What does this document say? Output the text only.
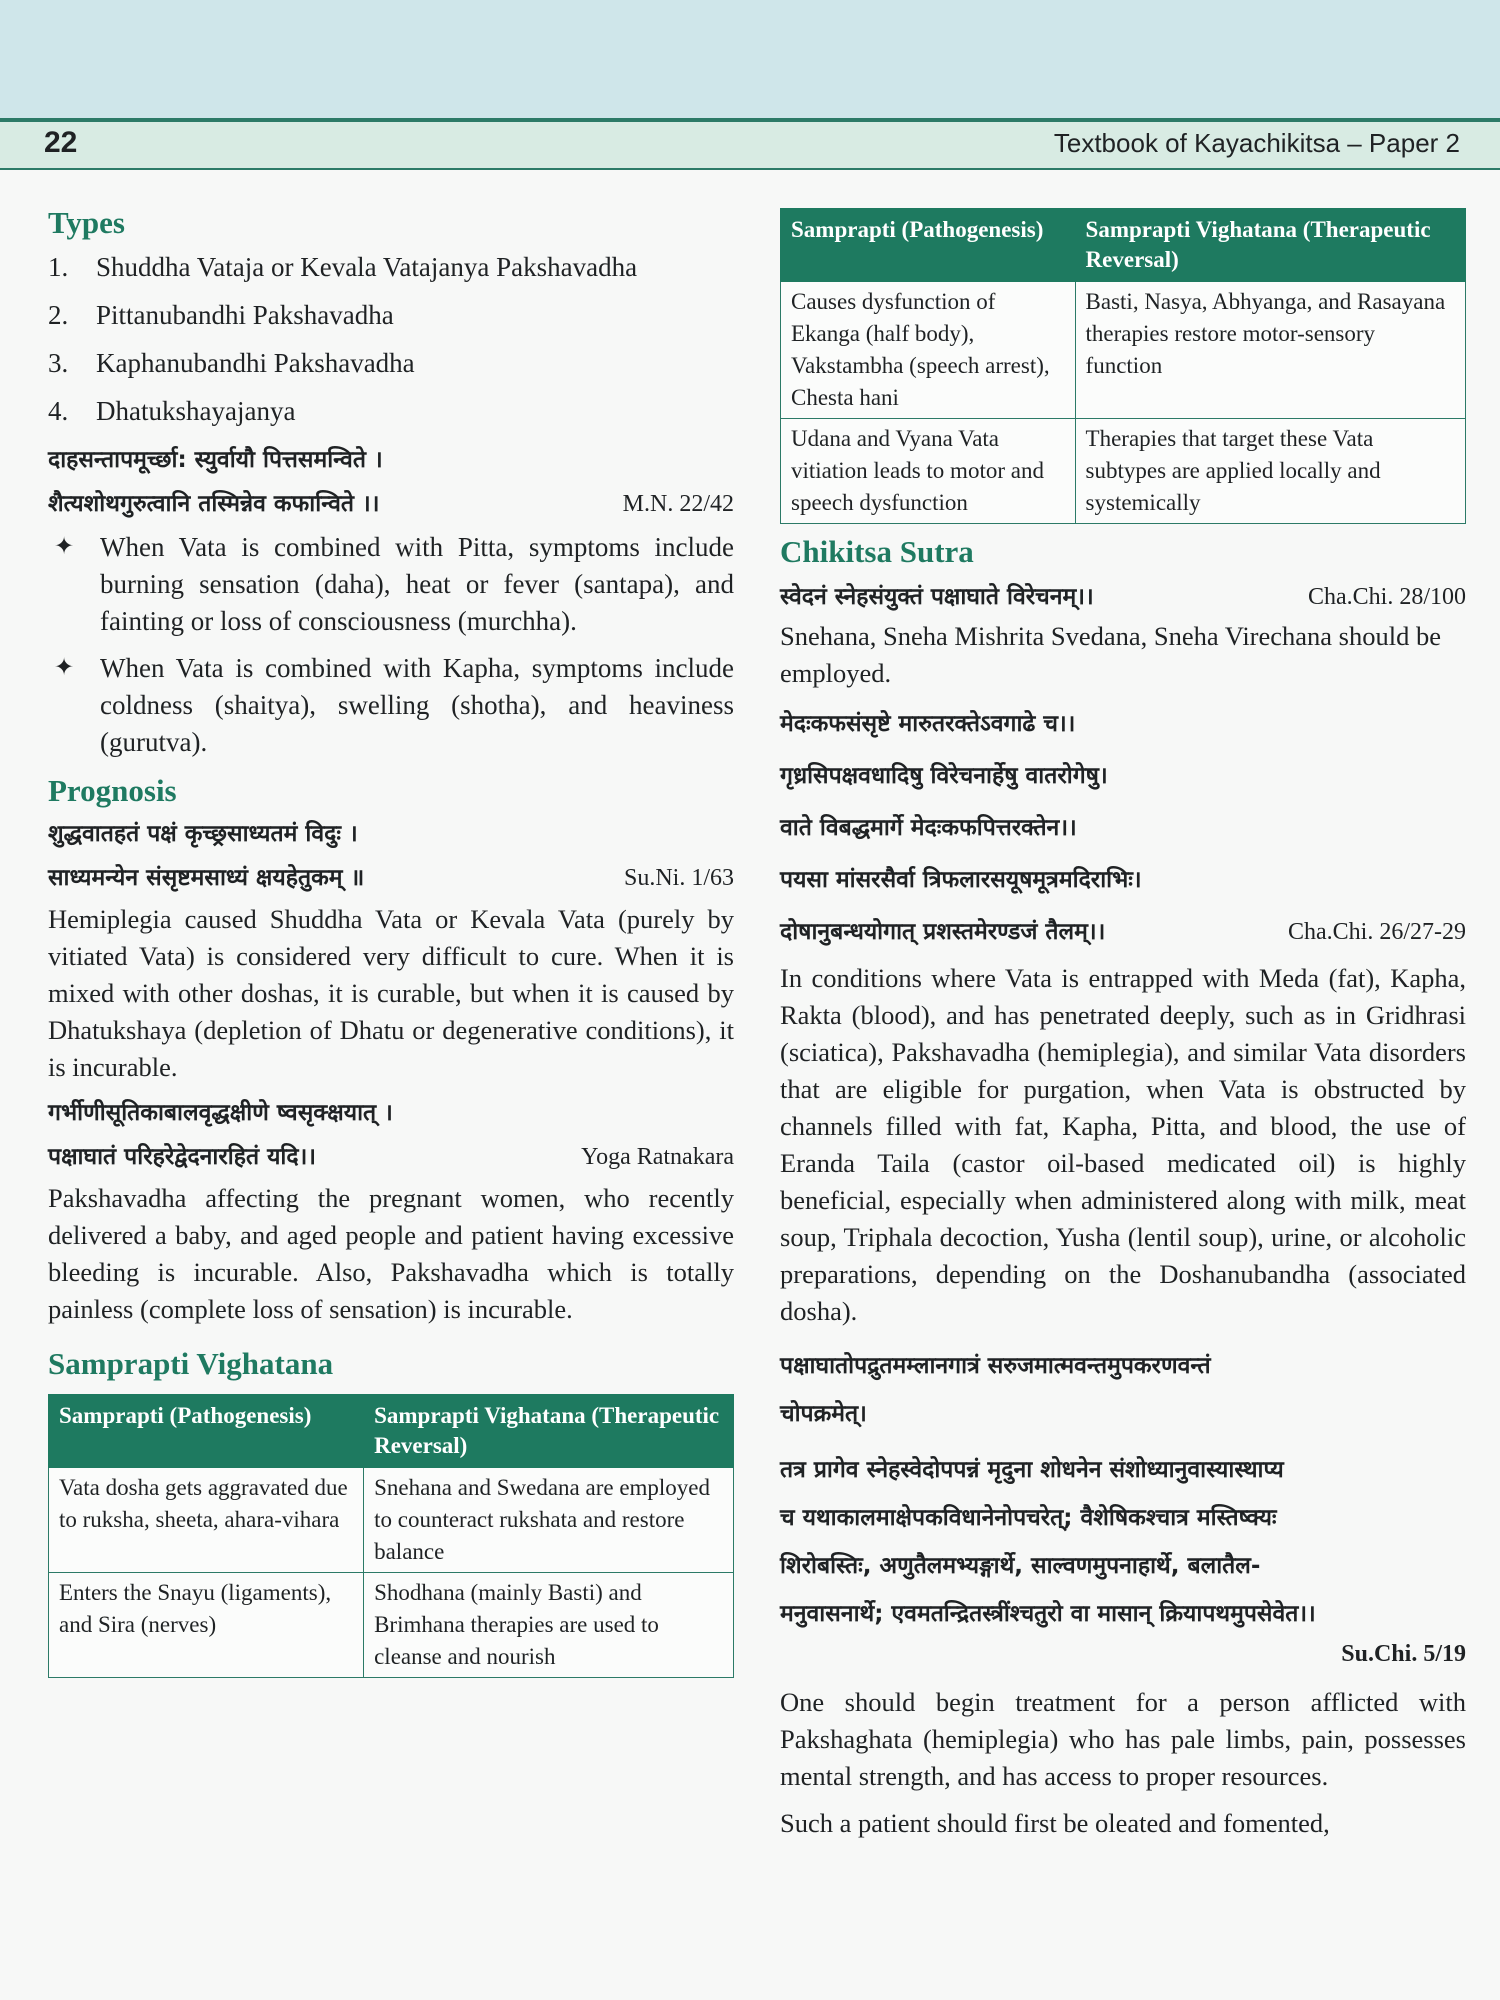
22	Textbook of Kayachikitsa – Paper 2
Types
1. Shuddha Vataja or Kevala Vatajanya Pakshavadha
2. Pittanubandhi Pakshavadha
3. Kaphanubandhi Pakshavadha
4. Dhatukshayajanya
दाहसन्तापमूर्च्छा: स्युर्वायौ पित्तसमन्विते ।
शैत्यशोथगुरुत्वानि तस्मिन्नेव कफान्विते ।।	M.N. 22/42
✦ When Vata is combined with Pitta, symptoms include burning sensation (daha), heat or fever (santapa), and fainting or loss of consciousness (murchha).
✦ When Vata is combined with Kapha, symptoms include coldness (shaitya), swelling (shotha), and heaviness (gurutva).
Prognosis
शुद्धवातहतं पक्षं कृच्छ्रसाध्यतमं विदुः ।
साध्यमन्येन संसृष्टमसाध्यं क्षयहेतुकम् ॥	Su.Ni. 1/63

Hemiplegia caused Shuddha Vata or Kevala Vata (purely by vitiated Vata) is considered very difficult to cure. When it is mixed with other doshas, it is curable, but when it is caused by Dhatukshaya (depletion of Dhatu or degenerative conditions), it is incurable.

गर्भीणीसूतिकाबालवृद्धक्षीणे ष्वसृक्क्षयात् ।
पक्षाघातं परिहरेद्वेदनारहितं यदि।।	Yoga Ratnakara

Pakshavadha affecting the pregnant women, who recently delivered a baby, and aged people and patient having excessive bleeding is incurable. Also, Pakshavadha which is totally painless (complete loss of sensation) is incurable.

Samprapti Vighatana
Samprapti (Pathogenesis)	Samprapti Vighatana (Therapeutic Reversal)
Vata dosha gets aggravated due to ruksha, sheeta, ahara-vihara	Snehana and Swedana are employed to counteract rukshata and restore balance
Enters the Snayu (ligaments), and Sira (nerves)	Shodhana (mainly Basti) and Brimhana therapies are used to cleanse and nourish
Samprapti (Pathogenesis)	Samprapti Vighatana (Therapeutic Reversal)
Causes dysfunction of Ekanga (half body), Vakstambha (speech arrest), Chesta hani	Basti, Nasya, Abhyanga, and Rasayana therapies restore motor-sensory function
Udana and Vyana Vata vitiation leads to motor and speech dysfunction	Therapies that target these Vata subtypes are applied locally and systemically
Chikitsa Sutra
स्वेदनं स्नेहसंयुक्तं पक्षाघाते विरेचनम्।।	Cha.Chi. 28/100

Snehana, Sneha Mishrita Svedana, Sneha Virechana should be employed.

मेदःकफसंसृष्टे मारुतरक्तेऽवगाढे च।।
गृध्रसिपक्षवधादिषु विरेचनार्हेषु वातरोगेषु।
वाते विबद्धमार्गे मेदःकफपित्तरक्तेन।।
पयसा मांसरसैर्वा त्रिफलारसयूषमूत्रमदिराभिः।
दोषानुबन्धयोगात् प्रशस्तमेरण्डजं तैलम्।।	Cha.Chi. 26/27-29

In conditions where Vata is entrapped with Meda (fat), Kapha, Rakta (blood), and has penetrated deeply, such as in Gridhrasi (sciatica), Pakshavadha (hemiplegia), and similar Vata disorders that are eligible for purgation, when Vata is obstructed by channels filled with fat, Kapha, Pitta, and blood, the use of Eranda Taila (castor oil-based medicated oil) is highly beneficial, especially when administered along with milk, meat soup, Triphala decoction, Yusha (lentil soup), urine, or alcoholic preparations, depending on the Doshanubandha (associated dosha).

पक्षाघातोपद्रुतमम्लानगात्रं सरुजमात्मवन्तमुपकरणवन्तं
चोपक्रमेत्।
तत्र प्रागेव स्नेहस्वेदोपपन्नं मृदुना शोधनेन संशोध्यानुवास्यास्थाप्य
च यथाकालमाक्षेपकविधानेनोपचरेत्; वैशेषिकश्चात्र मस्तिष्क्यः
शिरोबस्तिः, अणुतैलमभ्यङ्गार्थे, साल्वणमुपनाहार्थे, बलातैल-
मनुवासनार्थे; एवमतन्द्रितस्त्रींश्चतुरो वा मासान् क्रियापथमुपसेवेत।।
Su.Chi. 5/19

One should begin treatment for a person afflicted with Pakshaghata (hemiplegia) who has pale limbs, pain, possesses mental strength, and has access to proper resources.

Such a patient should first be oleated and fomented,
